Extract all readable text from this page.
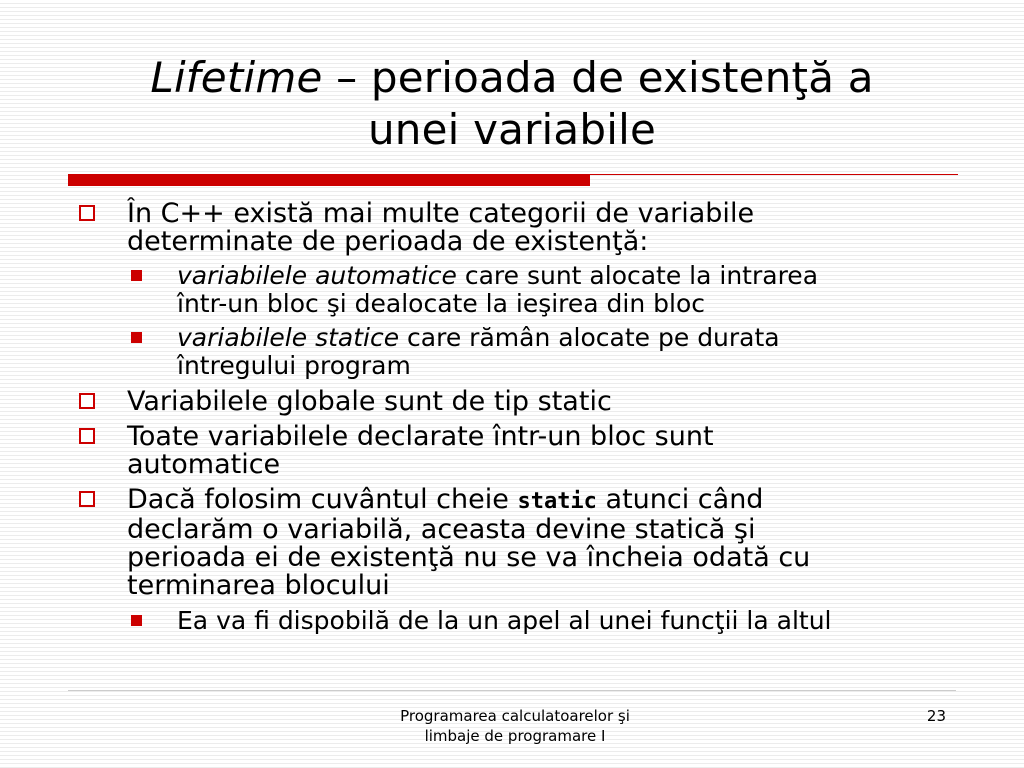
Lifetime – perioada de existenţă a
unei variabile
În C++ există mai multe categorii de variabile
determinate de perioada de existenţă:
variabilele automatice care sunt alocate la intrarea
într-un bloc şi dealocate la ieşirea din bloc
variabilele statice care rămân alocate pe durata
întregului program
Variabilele globale sunt de tip static
Toate variabilele declarate într-un bloc sunt
automatice
Dacă folosim cuvântul cheie static atunci când
declarăm o variabilă, aceasta devine statică şi
perioada ei de existenţă nu se va încheia odată cu
terminarea blocului
Ea va fi dispobilă de la un apel al unei funcţii la altul
Programarea calculatoarelor şi
limbaje de programare I
23
